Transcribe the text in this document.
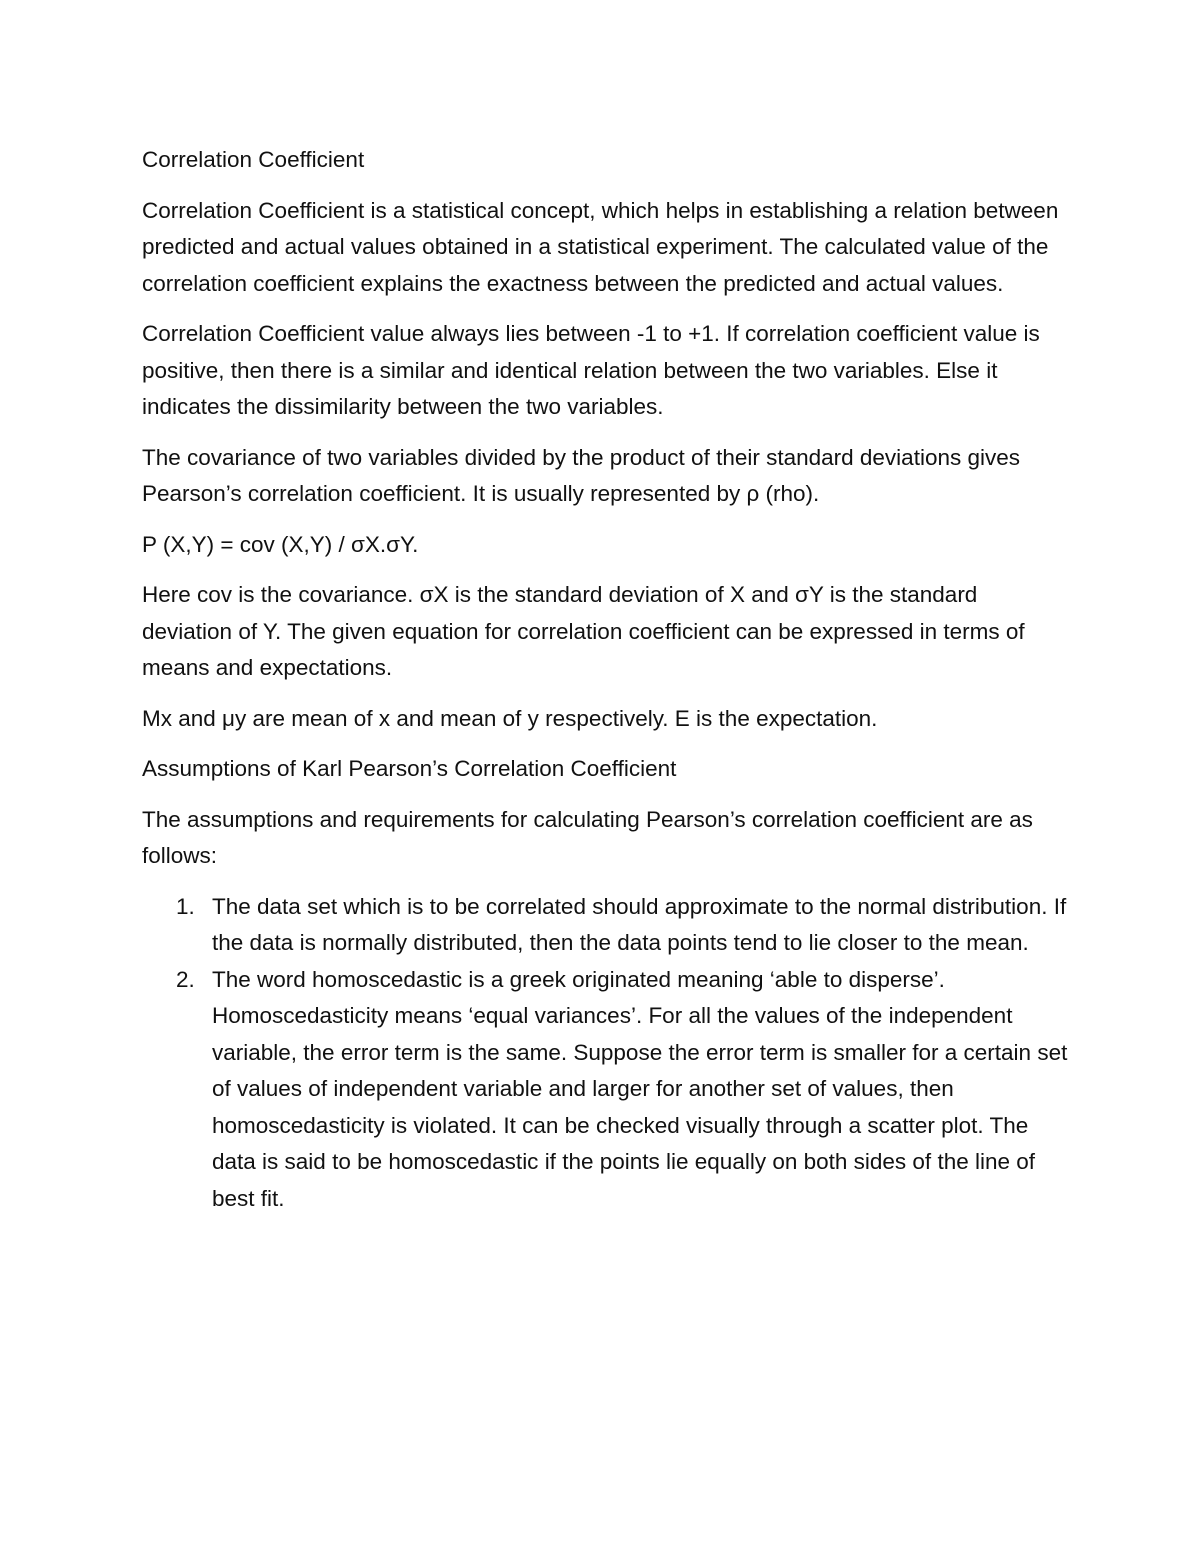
Correlation Coefficient

Correlation Coefficient is a statistical concept, which helps in establishing a relation between predicted and actual values obtained in a statistical experiment. The calculated value of the correlation coefficient explains the exactness between the predicted and actual values.

Correlation Coefficient value always lies between -1 to +1. If correlation coefficient value is positive, then there is a similar and identical relation between the two variables. Else it indicates the dissimilarity between the two variables.

The covariance of two variables divided by the product of their standard deviations gives Pearson’s correlation coefficient. It is usually represented by ρ (rho).

P (X,Y) = cov (X,Y) / σX.σY.

Here cov is the covariance. σX is the standard deviation of X and σY is the standard deviation of Y. The given equation for correlation coefficient can be expressed in terms of means and expectations.

Mx and μy are mean of x and mean of y respectively. E is the expectation.

Assumptions of Karl Pearson’s Correlation Coefficient

The assumptions and requirements for calculating Pearson’s correlation coefficient are as follows:

1. The data set which is to be correlated should approximate to the normal distribution. If the data is normally distributed, then the data points tend to lie closer to the mean.
2. The word homoscedastic is a greek originated meaning ‘able to disperse’. Homoscedasticity means ‘equal variances’. For all the values of the independent variable, the error term is the same. Suppose the error term is smaller for a certain set of values of independent variable and larger for another set of values, then homoscedasticity is violated. It can be checked visually through a scatter plot. The data is said to be homoscedastic if the points lie equally on both sides of the line of best fit.
